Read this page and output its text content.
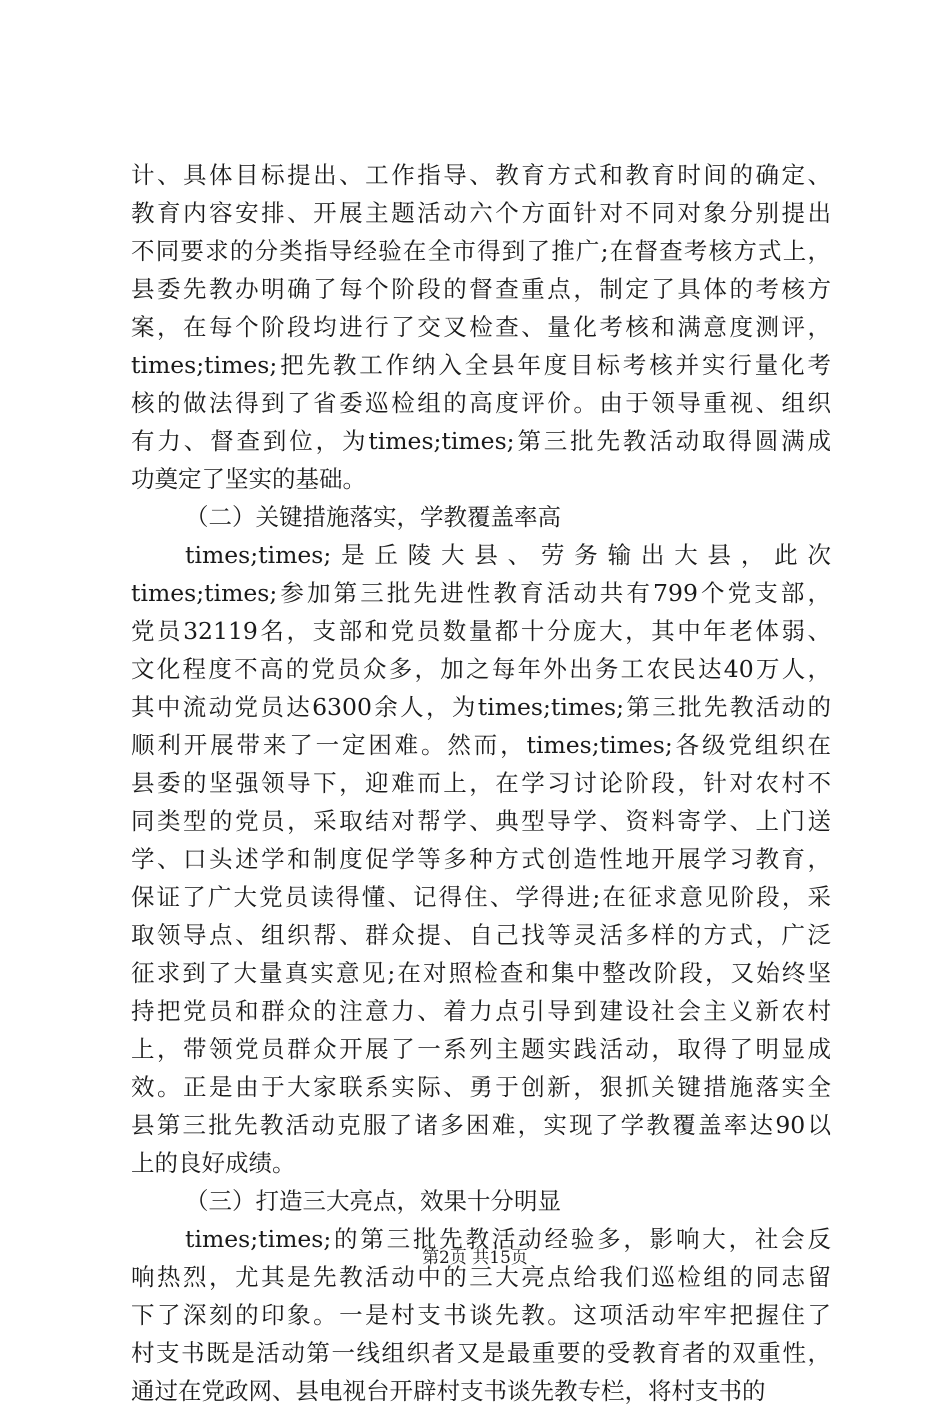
计、具体目标提出、工作指导、教育方式和教育时间的确定、
教育内容安排、开展主题活动六个方面针对不同对象分别提出
不同要求的分类指导经验在全市得到了推广;在督查考核方式上，
县委先教办明确了每个阶段的督查重点，制定了具体的考核方
案，在每个阶段均进行了交叉检查、量化考核和满意度测评，
times;times;把先教工作纳入全县年度目标考核并实行量化考
核的做法得到了省委巡检组的高度评价。由于领导重视、组织
有力、督查到位，为times;times;第三批先教活动取得圆满成
功奠定了坚实的基础。
（二）关键措施落实，学教覆盖率高
times;times;是丘陵大县、劳务输出大县，此次
times;times;参加第三批先进性教育活动共有799个党支部，
党员32119名，支部和党员数量都十分庞大，其中年老体弱、
文化程度不高的党员众多，加之每年外出务工农民达40万人，
其中流动党员达6300余人，为times;times;第三批先教活动的
顺利开展带来了一定困难。然而，times;times;各级党组织在
县委的坚强领导下，迎难而上，在学习讨论阶段，针对农村不
同类型的党员，采取结对帮学、典型导学、资料寄学、上门送
学、口头述学和制度促学等多种方式创造性地开展学习教育，
保证了广大党员读得懂、记得住、学得进;在征求意见阶段，采
取领导点、组织帮、群众提、自己找等灵活多样的方式，广泛
征求到了大量真实意见;在对照检查和集中整改阶段，又始终坚
持把党员和群众的注意力、着力点引导到建设社会主义新农村
上，带领党员群众开展了一系列主题实践活动，取得了明显成
效。正是由于大家联系实际、勇于创新，狠抓关键措施落实全
县第三批先教活动克服了诸多困难，实现了学教覆盖率达90以
上的良好成绩。
（三）打造三大亮点，效果十分明显
times;times;的第三批先教活动经验多，影响大，社会反
响热烈，尤其是先教活动中的三大亮点给我们巡检组的同志留
下了深刻的印象。一是村支书谈先教。这项活动牢牢把握住了
村支书既是活动第一线组织者又是最重要的受教育者的双重性，
通过在党政网、县电视台开辟村支书谈先教专栏，将村支书的
第2页 共15页
